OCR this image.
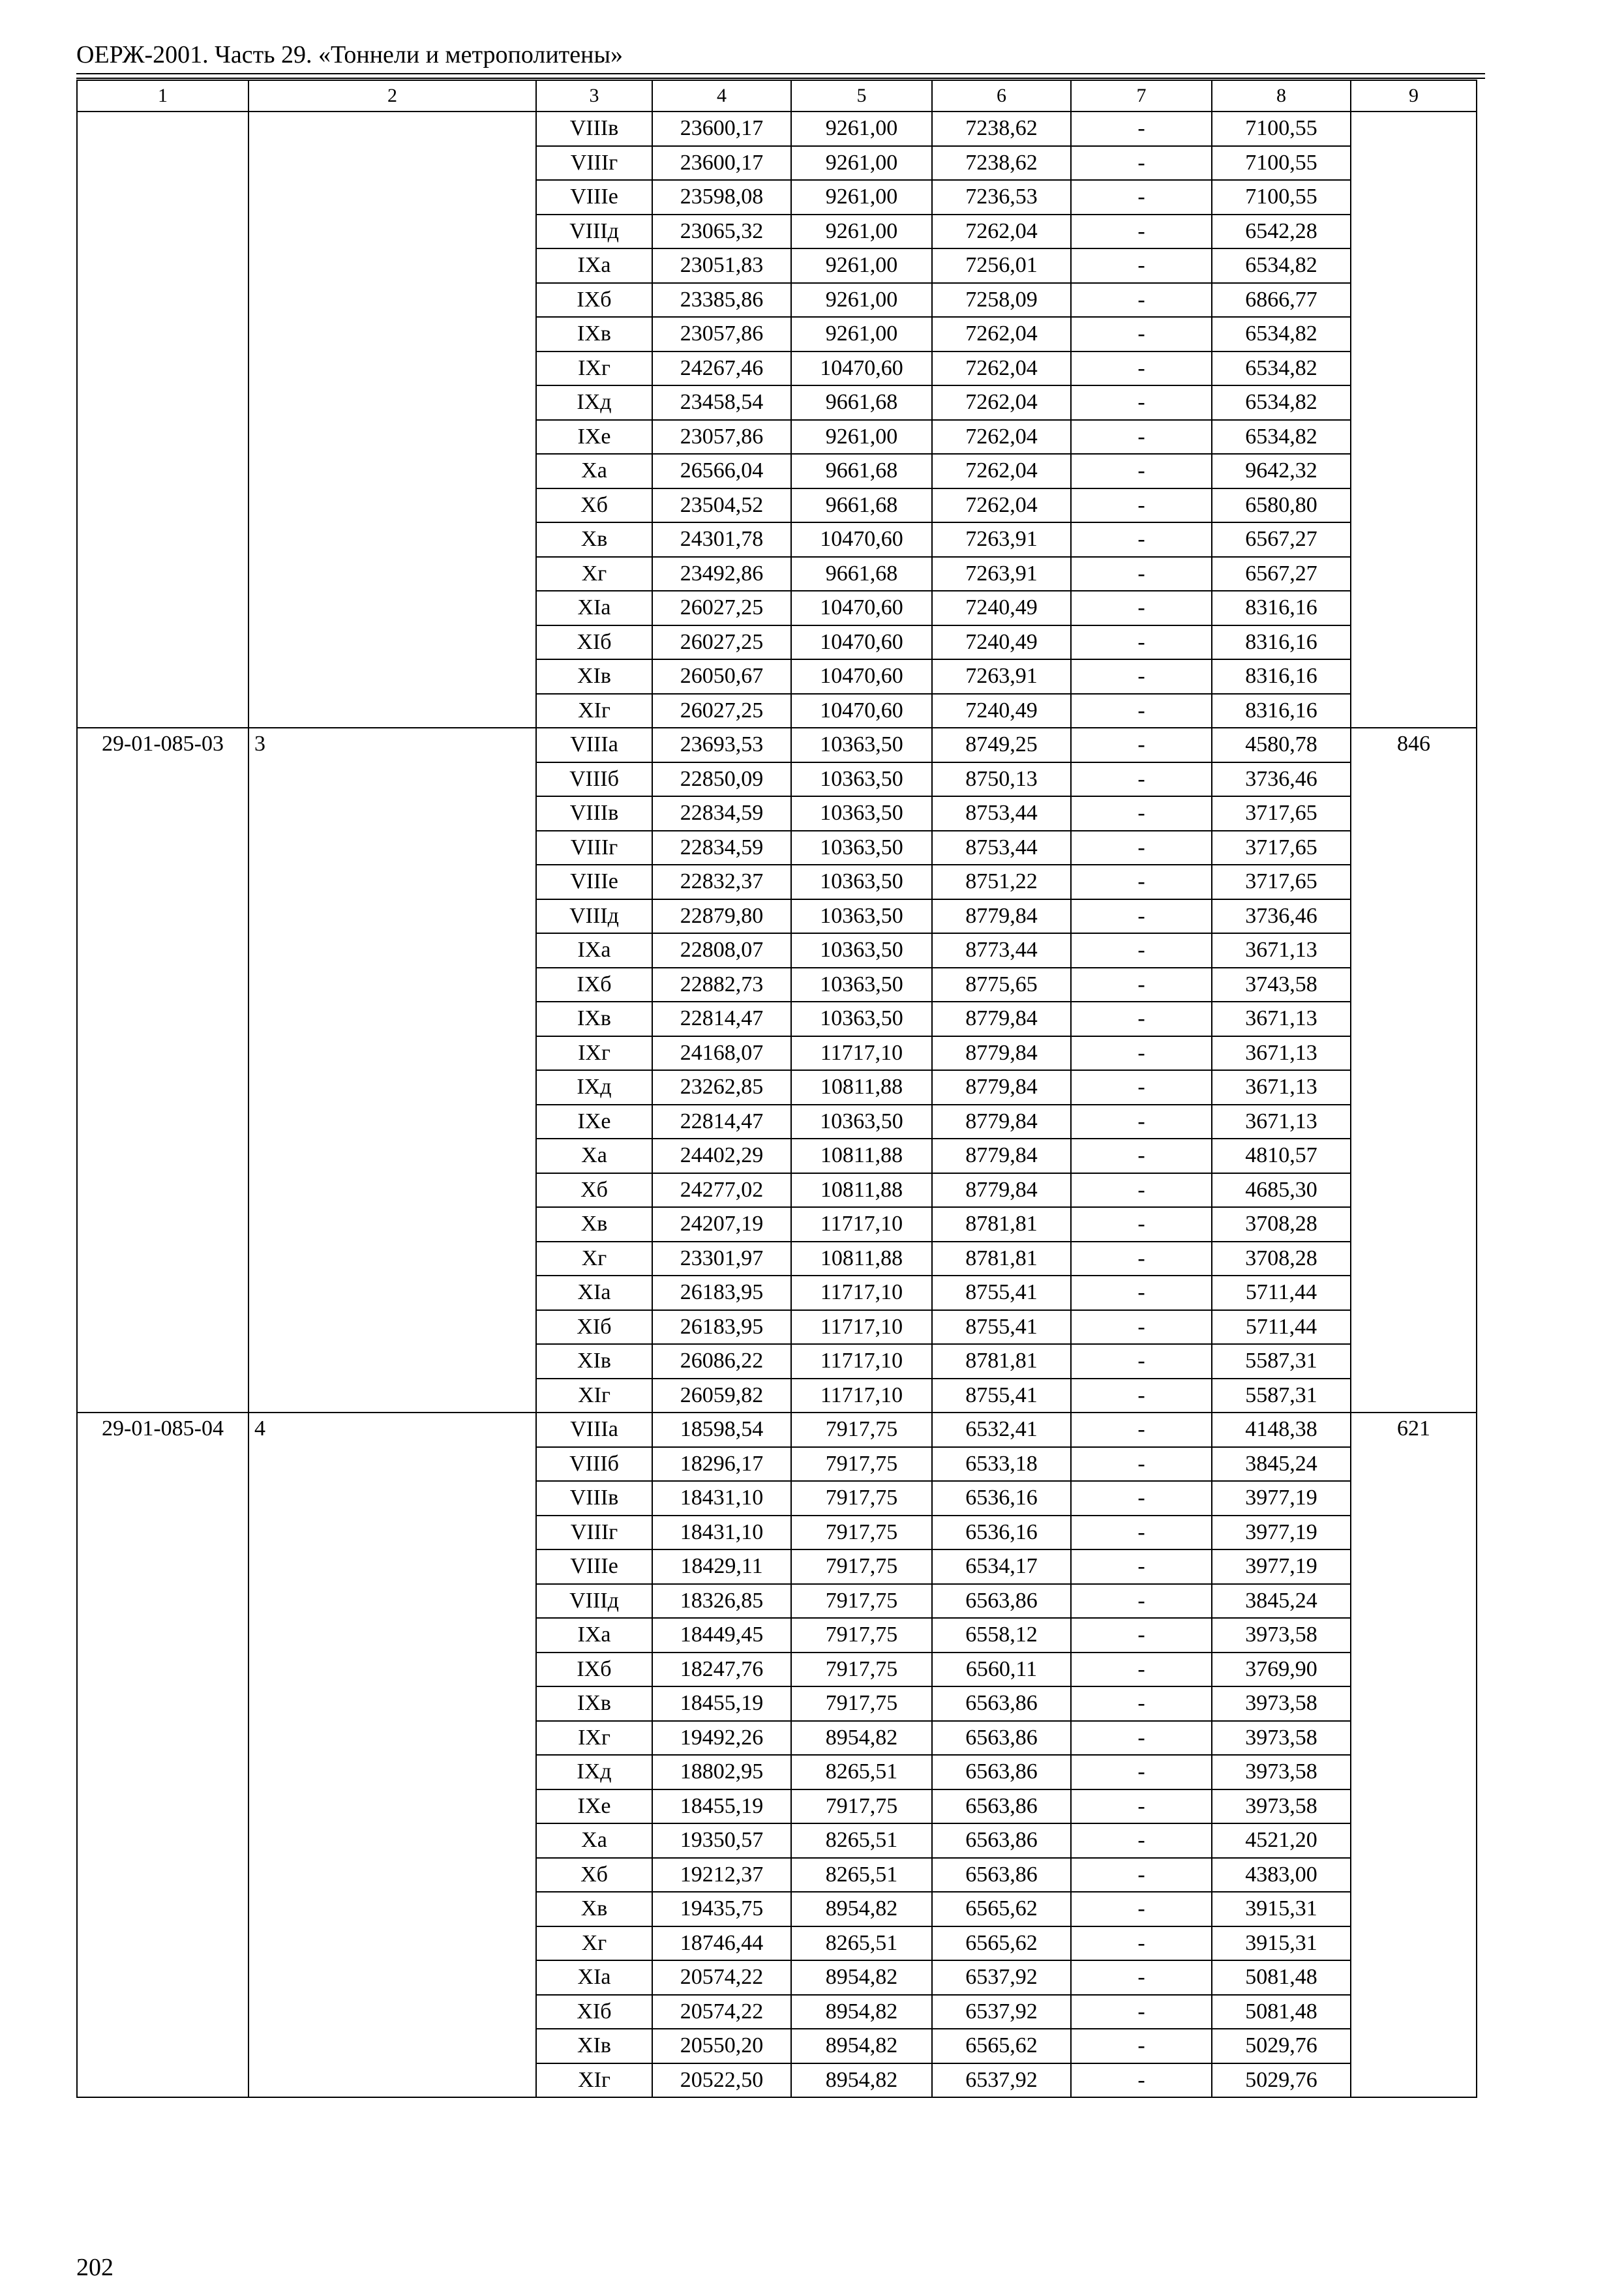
ОЕРЖ-2001. Часть 29. «Тоннели и метрополитены»
1	2	3	4	5	6	7	8	9
		VIIIв	23600,17	9261,00	7238,62	-	7100,55	
		VIIIг	23600,17	9261,00	7238,62	-	7100,55	
		VIIIе	23598,08	9261,00	7236,53	-	7100,55	
		VIIIд	23065,32	9261,00	7262,04	-	6542,28	
		IXа	23051,83	9261,00	7256,01	-	6534,82	
		IXб	23385,86	9261,00	7258,09	-	6866,77	
		IXв	23057,86	9261,00	7262,04	-	6534,82	
		IXг	24267,46	10470,60	7262,04	-	6534,82	
		IXд	23458,54	9661,68	7262,04	-	6534,82	
		IXе	23057,86	9261,00	7262,04	-	6534,82	
		Xа	26566,04	9661,68	7262,04	-	9642,32	
		Xб	23504,52	9661,68	7262,04	-	6580,80	
		Xв	24301,78	10470,60	7263,91	-	6567,27	
		Xг	23492,86	9661,68	7263,91	-	6567,27	
		XIа	26027,25	10470,60	7240,49	-	8316,16	
		XIб	26027,25	10470,60	7240,49	-	8316,16	
		XIв	26050,67	10470,60	7263,91	-	8316,16	
		XIг	26027,25	10470,60	7240,49	-	8316,16	
29-01-085-03	3	VIIIа	23693,53	10363,50	8749,25	-	4580,78	846
		VIIIб	22850,09	10363,50	8750,13	-	3736,46	
		VIIIв	22834,59	10363,50	8753,44	-	3717,65	
		VIIIг	22834,59	10363,50	8753,44	-	3717,65	
		VIIIе	22832,37	10363,50	8751,22	-	3717,65	
		VIIIд	22879,80	10363,50	8779,84	-	3736,46	
		IXа	22808,07	10363,50	8773,44	-	3671,13	
		IXб	22882,73	10363,50	8775,65	-	3743,58	
		IXв	22814,47	10363,50	8779,84	-	3671,13	
		IXг	24168,07	11717,10	8779,84	-	3671,13	
		IXд	23262,85	10811,88	8779,84	-	3671,13	
		IXе	22814,47	10363,50	8779,84	-	3671,13	
		Xа	24402,29	10811,88	8779,84	-	4810,57	
		Xб	24277,02	10811,88	8779,84	-	4685,30	
		Xв	24207,19	11717,10	8781,81	-	3708,28	
		Xг	23301,97	10811,88	8781,81	-	3708,28	
		XIа	26183,95	11717,10	8755,41	-	5711,44	
		XIб	26183,95	11717,10	8755,41	-	5711,44	
		XIв	26086,22	11717,10	8781,81	-	5587,31	
		XIг	26059,82	11717,10	8755,41	-	5587,31	
29-01-085-04	4	VIIIа	18598,54	7917,75	6532,41	-	4148,38	621
		VIIIб	18296,17	7917,75	6533,18	-	3845,24	
		VIIIв	18431,10	7917,75	6536,16	-	3977,19	
		VIIIг	18431,10	7917,75	6536,16	-	3977,19	
		VIIIе	18429,11	7917,75	6534,17	-	3977,19	
		VIIIд	18326,85	7917,75	6563,86	-	3845,24	
		IXа	18449,45	7917,75	6558,12	-	3973,58	
		IXб	18247,76	7917,75	6560,11	-	3769,90	
		IXв	18455,19	7917,75	6563,86	-	3973,58	
		IXг	19492,26	8954,82	6563,86	-	3973,58	
		IXд	18802,95	8265,51	6563,86	-	3973,58	
		IXе	18455,19	7917,75	6563,86	-	3973,58	
		Xа	19350,57	8265,51	6563,86	-	4521,20	
		Xб	19212,37	8265,51	6563,86	-	4383,00	
		Xв	19435,75	8954,82	6565,62	-	3915,31	
		Xг	18746,44	8265,51	6565,62	-	3915,31	
		XIа	20574,22	8954,82	6537,92	-	5081,48	
		XIб	20574,22	8954,82	6537,92	-	5081,48	
		XIв	20550,20	8954,82	6565,62	-	5029,76	
		XIг	20522,50	8954,82	6537,92	-	5029,76	
202
